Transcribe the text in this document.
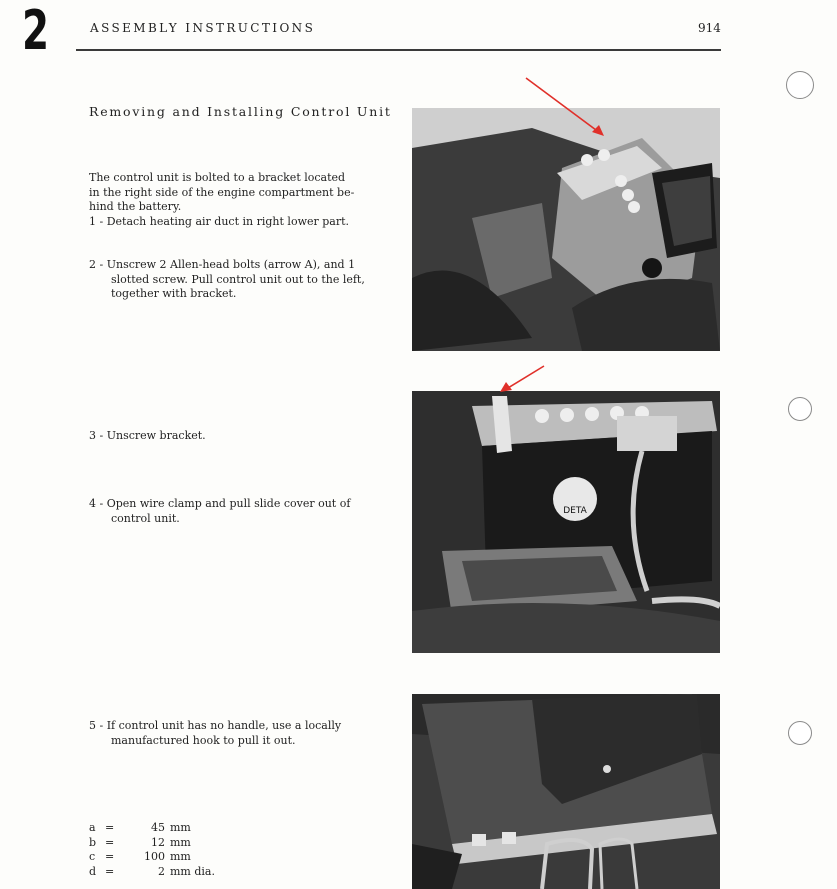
2	ASSEMBLY INSTRUCTIONS	914
Removing and Installing Control Unit

The control unit is bolted to a bracket located

in the right side of the engine compartment be-

hind the battery.

1 - Detach heating air duct in right lower part.

2 - Unscrew 2 Allen-head bolts (arrow A), and 1 slotted screw. Pull control unit out to the left, together with bracket.

3 - Unscrew bracket.

4 - Open wire clamp and pull slide cover out of control unit.

5 - If control unit has no handle, use a locally manufactured hook to pull it out.

a =	45 mm
b =	12 mm
c =	100 mm
d =	2 mm dia.
DETA
